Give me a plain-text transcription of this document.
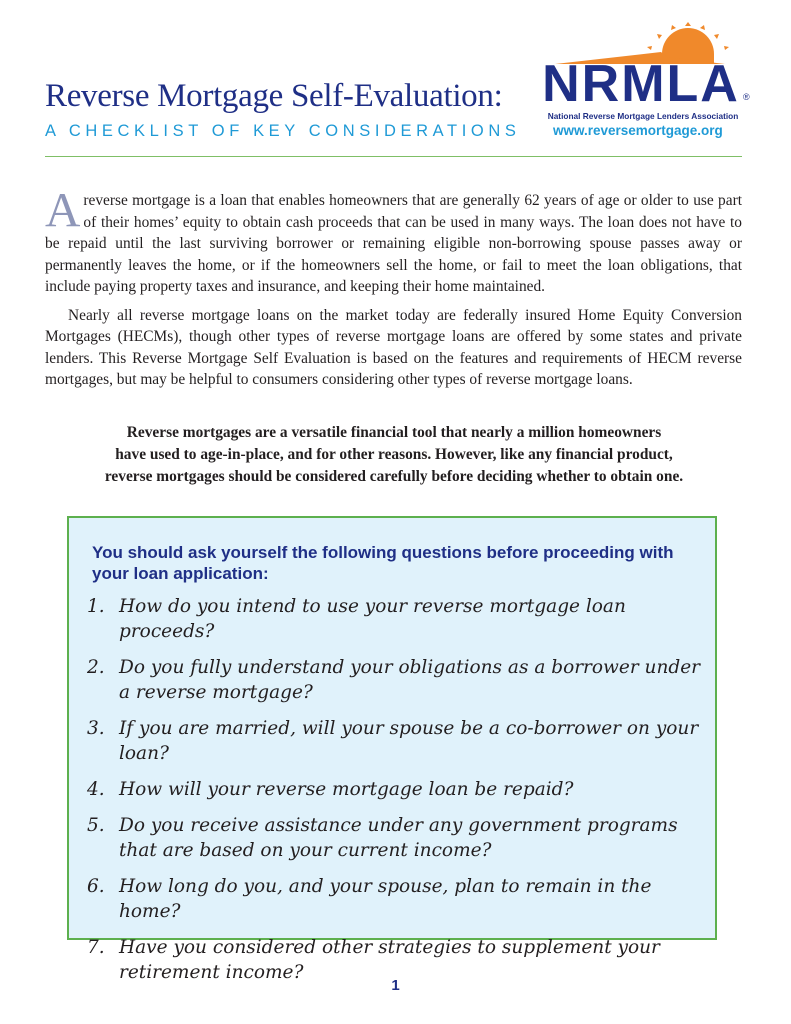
Reverse Mortgage Self-Evaluation:
A CHECKLIST OF KEY CONSIDERATIONS
NRMLA ®
National Reverse Mortgage Lenders Association
www.reversemortgage.org

Areverse mortgage is a loan that enables homeowners that are generally 62 years of age or older to use part of their homes’ equity to obtain cash proceeds that can be used in many ways. The loan does not have to be repaid until the last surviving borrower or remaining eligible non-borrowing spouse passes away or permanently leaves the home, or if the homeowners sell the home, or fail to meet the loan obligations, that include paying property taxes and insurance, and keeping their home maintained.

Nearly all reverse mortgage loans on the market today are federally insured Home Equity Conversion Mortgages (HECMs), though other types of reverse mortgage loans are offered by some states and private lenders. This Reverse Mortgage Self Evaluation is based on the features and requirements of HECM reverse mortgages, but may be helpful to consumers considering other types of reverse mortgage loans.

Reverse mortgages are a versatile financial tool that nearly a million homeowners
have used to age-in-place, and for other reasons. However, like any financial product,
reverse mortgages should be considered carefully before deciding whether to obtain one.
You should ask yourself the following questions before proceeding with your loan application:
1. How do you intend to use your reverse mortgage loan proceeds?
2. Do you fully understand your obligations as a borrower under a reverse mortgage?
3. If you are married, will your spouse be a co-borrower on your loan?
4. How will your reverse mortgage loan be repaid?
5. Do you receive assistance under any government programs that are based on your current income?
6. How long do you, and your spouse, plan to remain in the home?
7. Have you considered other strategies to supplement your retirement income?
1
